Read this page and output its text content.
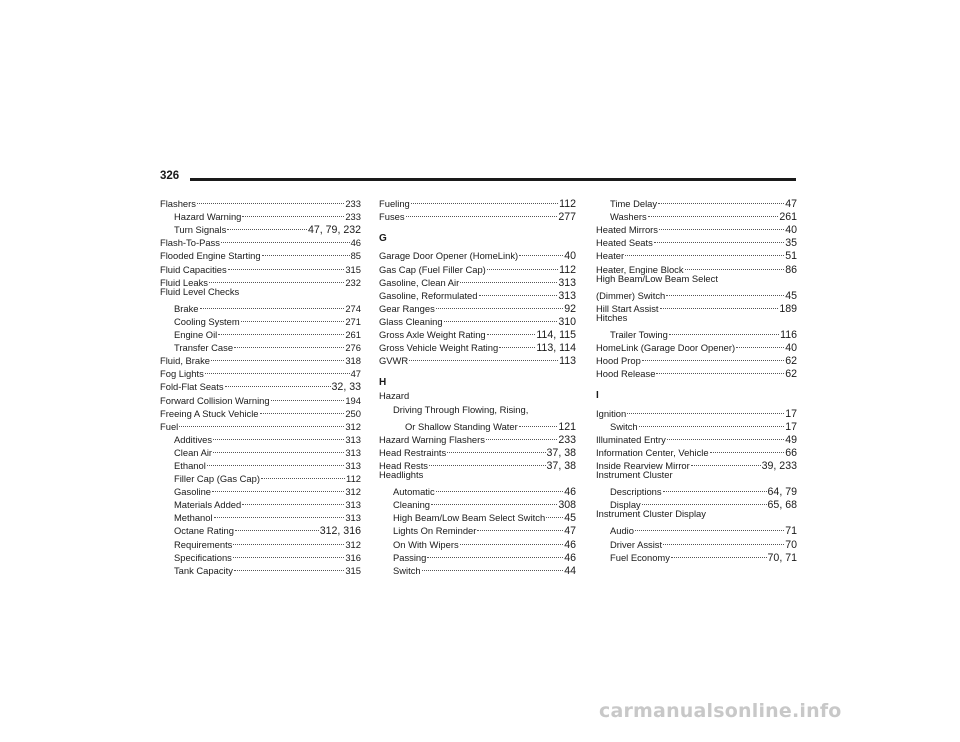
326
Flashers	233
Hazard Warning	233
Turn Signals	47, 79, 232
Flash-To-Pass	46
Flooded Engine Starting	85
Fluid Capacities	315
Fluid Leaks	232
Fluid Level Checks
Brake	274
Cooling System	271
Engine Oil	261
Transfer Case	276
Fluid, Brake	318
Fog Lights	47
Fold-Flat Seats	32, 33
Forward Collision Warning	194
Freeing A Stuck Vehicle	250
Fuel	312
Additives	313
Clean Air	313
Ethanol	313
Filler Cap (Gas Cap)	112
Gasoline	312
Materials Added	313
Methanol	313
Octane Rating	312, 316
Requirements	312
Specifications	316
Tank Capacity	315
Fueling	112
Fuses	277
G
Garage Door Opener (HomeLink)	40
Gas Cap (Fuel Filler Cap)	112
Gasoline, Clean Air	313
Gasoline, Reformulated	313
Gear Ranges	92
Glass Cleaning	310
Gross Axle Weight Rating	114, 115
Gross Vehicle Weight Rating	113, 114
GVWR	113
H
Hazard
Driving Through Flowing, Rising,
Or Shallow Standing Water	121
Hazard Warning Flashers	233
Head Restraints	37, 38
Head Rests	37, 38
Headlights
Automatic	46
Cleaning	308
High Beam/Low Beam Select Switch 45
Lights On Reminder	47
On With Wipers	46
Passing	46
Switch	44
Time Delay	47
Washers	261
Heated Mirrors	40
Heated Seats	35
Heater	51
Heater, Engine Block	86
High Beam/Low Beam Select
(Dimmer) Switch	45
Hill Start Assist	189
Hitches
Trailer Towing	116
HomeLink (Garage Door Opener)	40
Hood Prop	62
Hood Release	62
I
Ignition	17
Switch	17
Illuminated Entry	49
Information Center, Vehicle	66
Inside Rearview Mirror	39, 233
Instrument Cluster
Descriptions	64, 79
Display	65, 68
Instrument Cluster Display
Audio	71
Driver Assist	70
Fuel Economy	70, 71
carmanualsonline.info
